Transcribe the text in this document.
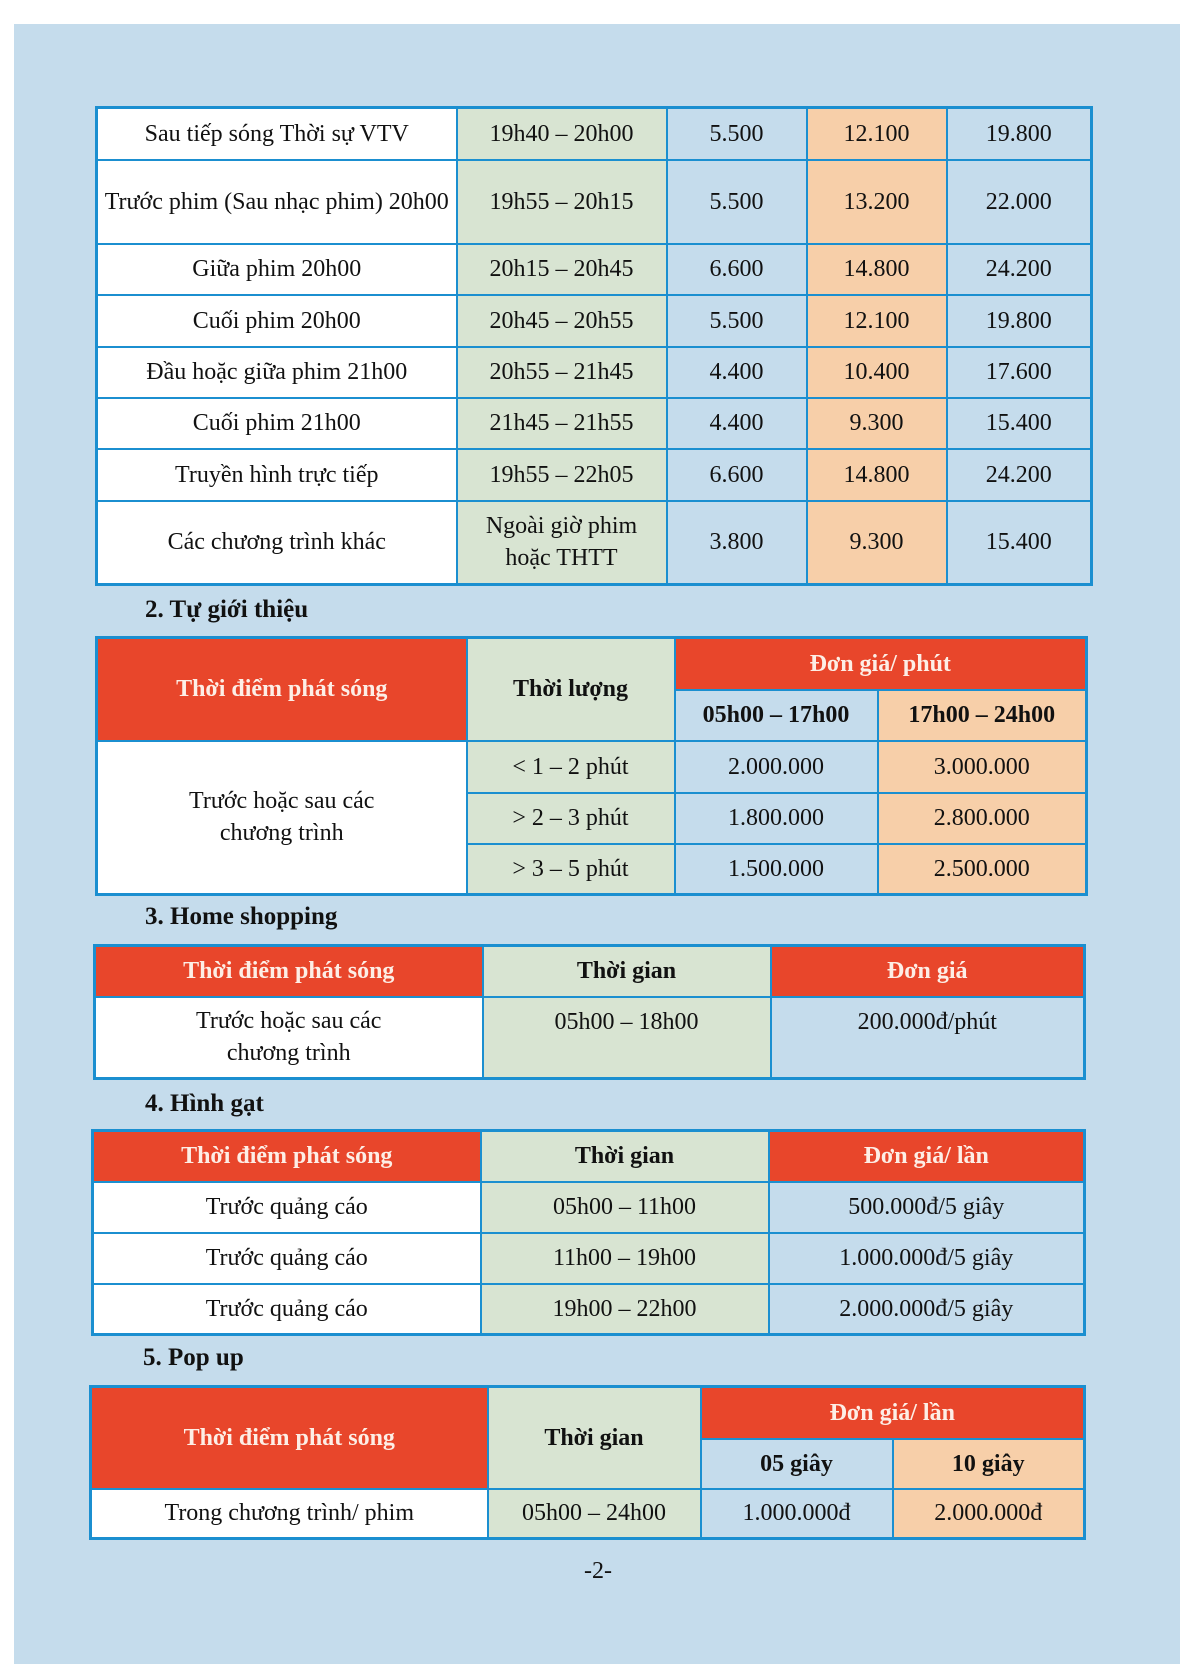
Sau tiếp sóng Thời sự VTV	19h40 – 20h00	5.500	12.100	19.800
Trước phim (Sau nhạc phim) 20h00	19h55 – 20h15	5.500	13.200	22.000
Giữa phim 20h00	20h15 – 20h45	6.600	14.800	24.200
Cuối phim 20h00	20h45 – 20h55	5.500	12.100	19.800
Đầu hoặc giữa phim 21h00	20h55 – 21h45	4.400	10.400	17.600
Cuối phim 21h00	21h45 – 21h55	4.400	9.300	15.400
Truyền hình trực tiếp	19h55 – 22h05	6.600	14.800	24.200
Các chương trình khác	Ngoài giờ phim hoặc THTT	3.800	9.300	15.400
2. Tự giới thiệu
Thời điểm phát sóng	Thời lượng	Đơn giá/ phút	
		05h00 – 17h00	17h00 – 24h00
Trước hoặc sau các chương trình	< 1 – 2 phút	2.000.000	3.000.000
	> 2 – 3 phút	1.800.000	2.800.000
	> 3 – 5 phút	1.500.000	2.500.000
3. Home shopping
Thời điểm phát sóng	Thời gian	Đơn giá
Trước hoặc sau các chương trình	05h00 – 18h00	200.000đ/phút
4. Hình gạt
Thời điểm phát sóng	Thời gian	Đơn giá/ lần
Trước quảng cáo	05h00 – 11h00	500.000đ/5 giây
Trước quảng cáo	11h00 – 19h00	1.000.000đ/5 giây
Trước quảng cáo	19h00 – 22h00	2.000.000đ/5 giây
5. Pop up
Thời điểm phát sóng	Thời gian	Đơn giá/ lần	
		05 giây	10 giây
Trong chương trình/ phim	05h00 – 24h00	1.000.000đ	2.000.000đ
-2-
